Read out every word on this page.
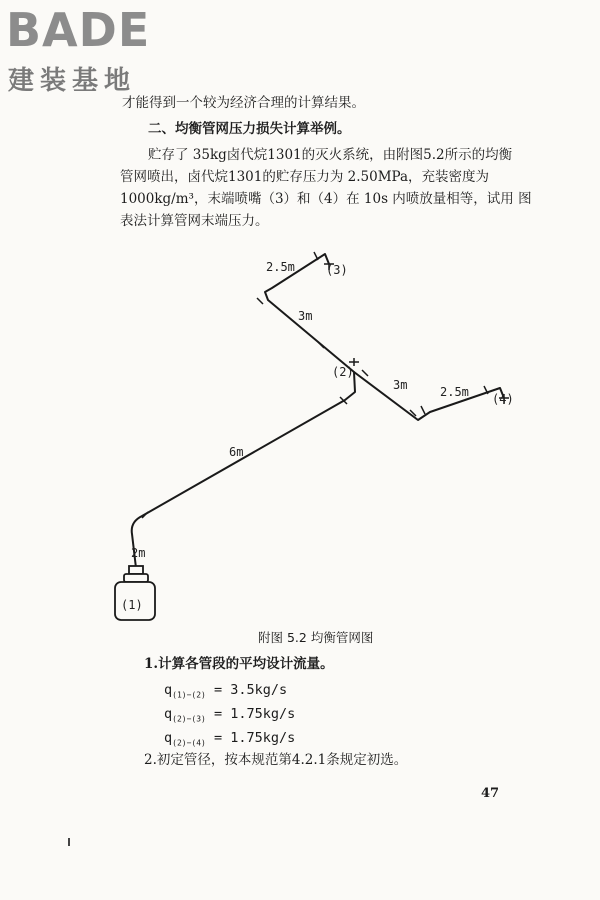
BADE
建装基地
才能得到一个较为经济合理的计算结果。
二、均衡管网压力损失计算举例。
贮存了 35kg卤代烷1301的灭火系统，由附图5.2所示的均衡
管网喷出，卤代烷1301的贮存压力为 2.50MPa，充装密度为
1000kg/m³，末端喷嘴（3）和（4）在 10s 内喷放量相等，试用 图
表法计算管网末端压力。
2.5m	(3)
3m
(2)
3m	2.5m (4)
6m
2m
(1)
附图 5.2 均衡管网图
1.计算各管段的平均设计流量。
$q_{(1)-(2)} = 3.5kg/s$
$q_{(2)-(3)} = 1.75kg/s$
$q_{(2)-(4)} = 1.75kg/s$
2.初定管径，按本规范第4.2.1条规定初选。
47
